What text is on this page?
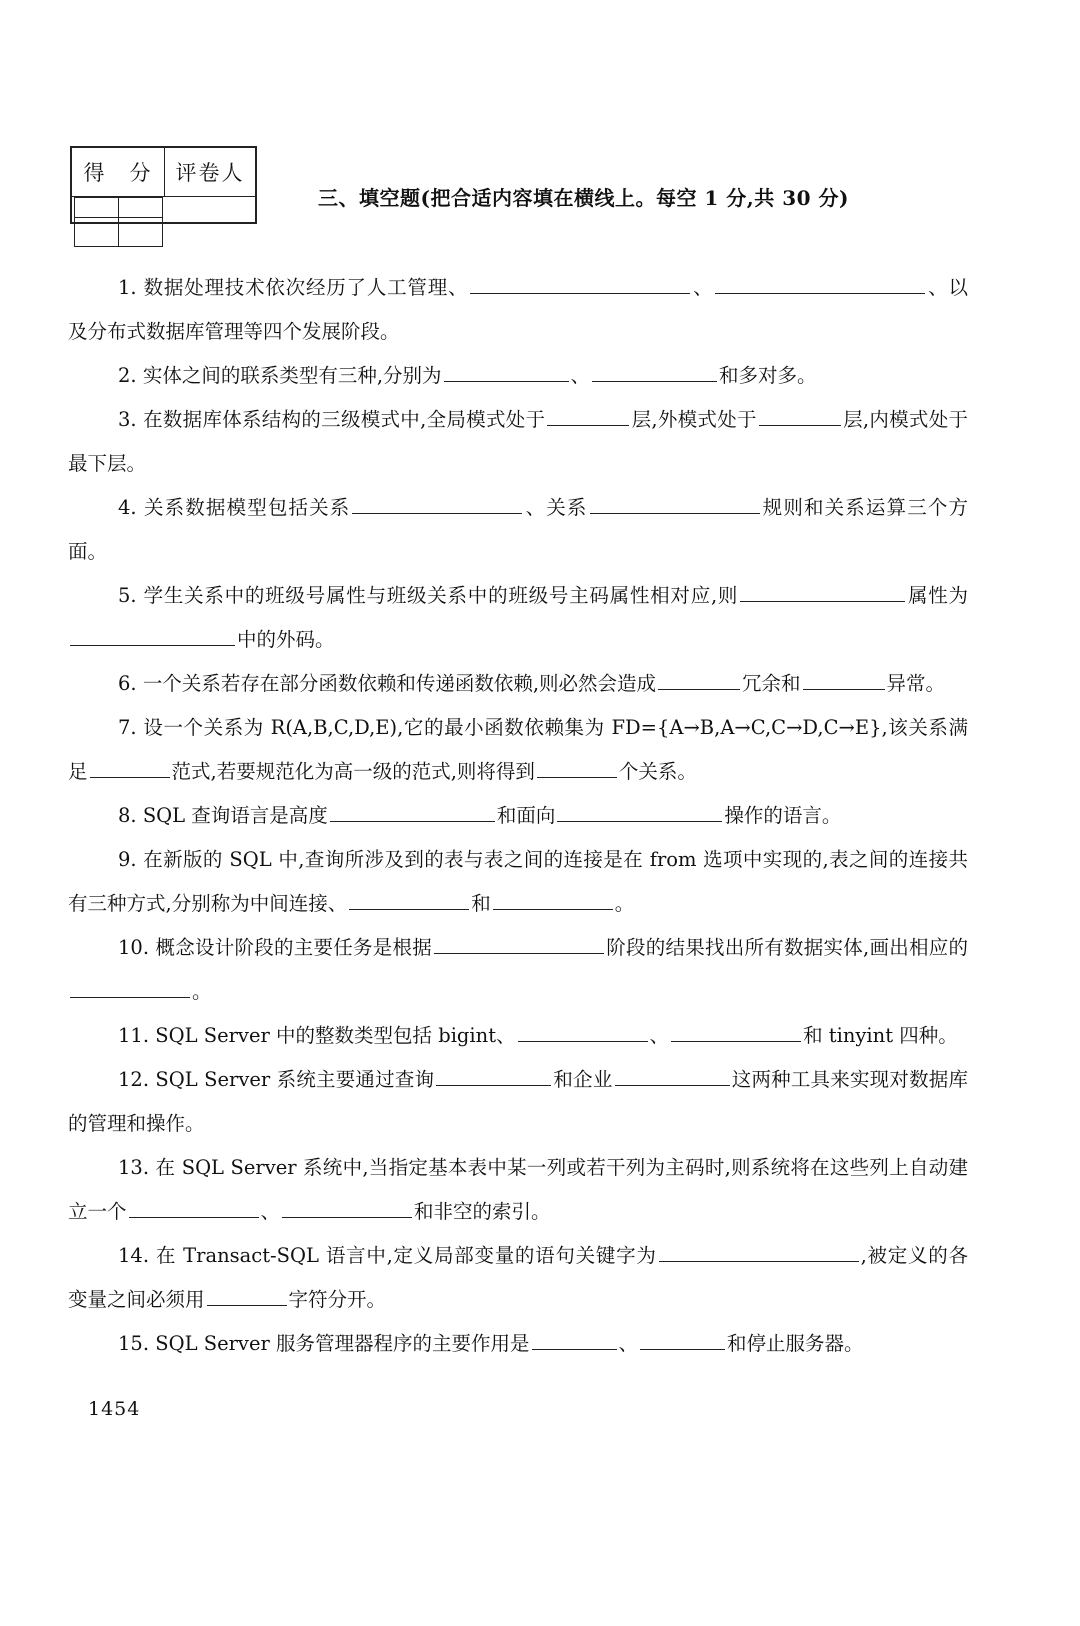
得　分	评卷人

三、填空题(把合适内容填在横线上。每空 1 分,共 30 分)

1. 数据处理技术依次经历了人工管理、	、	、以及分布式数据库管理等四个发展阶段。

2. 实体之间的联系类型有三种,分别为	、	和多对多。

3. 在数据库体系结构的三级模式中,全局模式处于	层,外模式处于	层,内模式处于最下层。

4. 关系数据模型包括关系	、关系	规则和关系运算三个方面。

5. 学生关系中的班级号属性与班级关系中的班级号主码属性相对应,则	属性为中的外码。

6. 一个关系若存在部分函数依赖和传递函数依赖,则必然会造成	冗余和	异常。

7. 设一个关系为 R(A,B,C,D,E),它的最小函数依赖集为 FD={A→B,A→C,C→D,C→E},该关系满足	范式,若要规范化为高一级的范式,则将得到	个关系。

8. SQL 查询语言是高度	和面向	操作的语言。

9. 在新版的 SQL 中,查询所涉及到的表与表之间的连接是在 from 选项中实现的,表之间的连接共有三种方式,分别称为中间连接、	和	。

10. 概念设计阶段的主要任务是根据	阶段的结果找出所有数据实体,画出相应的。

11. SQL Server 中的整数类型包括 bigint、	、	和 tinyint 四种。

12. SQL Server 系统主要通过查询	和企业	这两种工具来实现对数据库的管理和操作。

13. 在 SQL Server 系统中,当指定基本表中某一列或若干列为主码时,则系统将在这些列上自动建立一个	、	和非空的索引。

14. 在 Transact-SQL 语言中,定义局部变量的语句关键字为	,被定义的各变量之间必须用	字符分开。

15. SQL Server 服务管理器程序的主要作用是	、	和停止服务器。

1454
